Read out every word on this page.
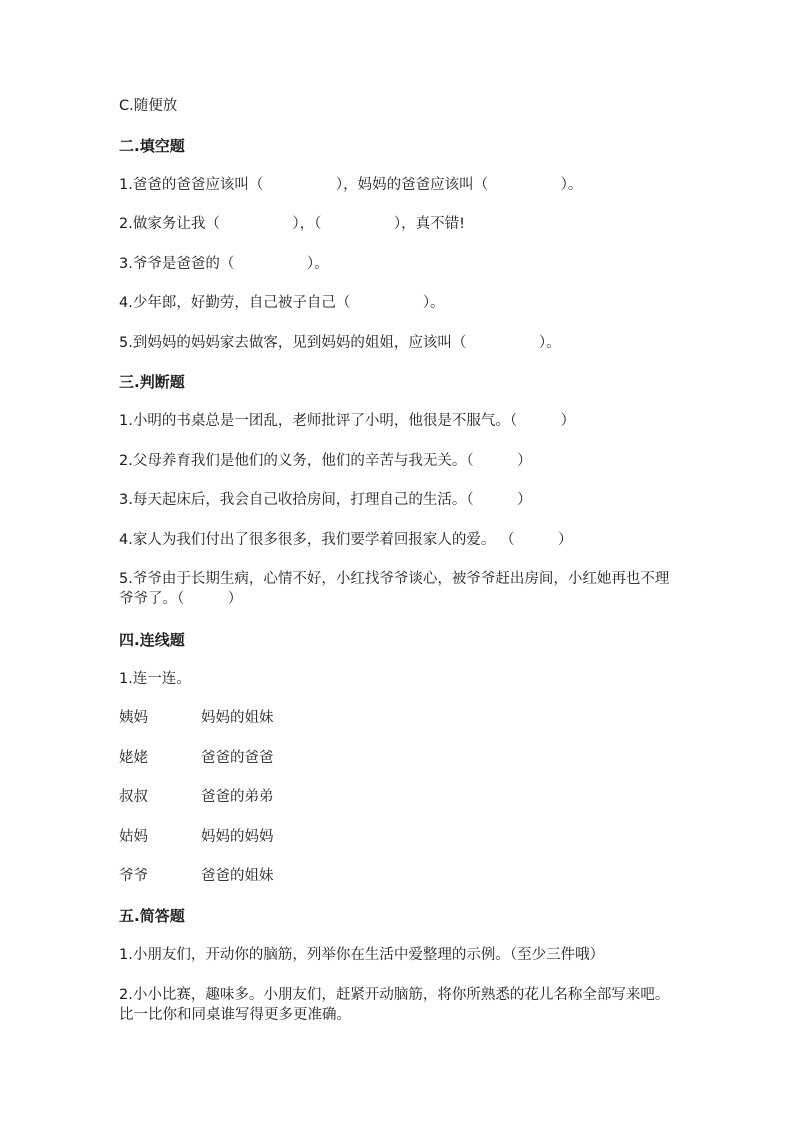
C.随便放
二.填空题
1.爸爸的爸爸应该叫（　　　　　），妈妈的爸爸应该叫（　　　　　）。
2.做家务让我（　　　　　），（　　　　　），真不错!
3.爷爷是爸爸的（　　　　　）。
4.少年郎，好勤劳，自己被子自己（　　　　　）。
5.到妈妈的妈妈家去做客，见到妈妈的姐姐，应该叫（　　　　　）。
三.判断题
1.小明的书桌总是一团乱，老师批评了小明，他很是不服气。（　　　）
2.父母养育我们是他们的义务，他们的辛苦与我无关。（　　　）
3.每天起床后，我会自己收拾房间，打理自己的生活。（　　　）
4.家人为我们付出了很多很多，我们要学着回报家人的爱。 （　　　）
5.爷爷由于长期生病，心情不好，小红找爷爷谈心，被爷爷赶出房间，小红她再也不理爷爷了。（　　　）
四.连线题
1.连一连。
姨妈	妈妈的姐妹
姥姥	爸爸的爸爸
叔叔	爸爸的弟弟
姑妈	妈妈的妈妈
爷爷	爸爸的姐妹
五.简答题
1.小朋友们，开动你的脑筋，列举你在生活中爱整理的示例。（至少三件哦）
2.小小比赛，趣味多。小朋友们，赶紧开动脑筋，将你所熟悉的花儿名称全部写来吧。比一比你和同桌谁写得更多更准确。
